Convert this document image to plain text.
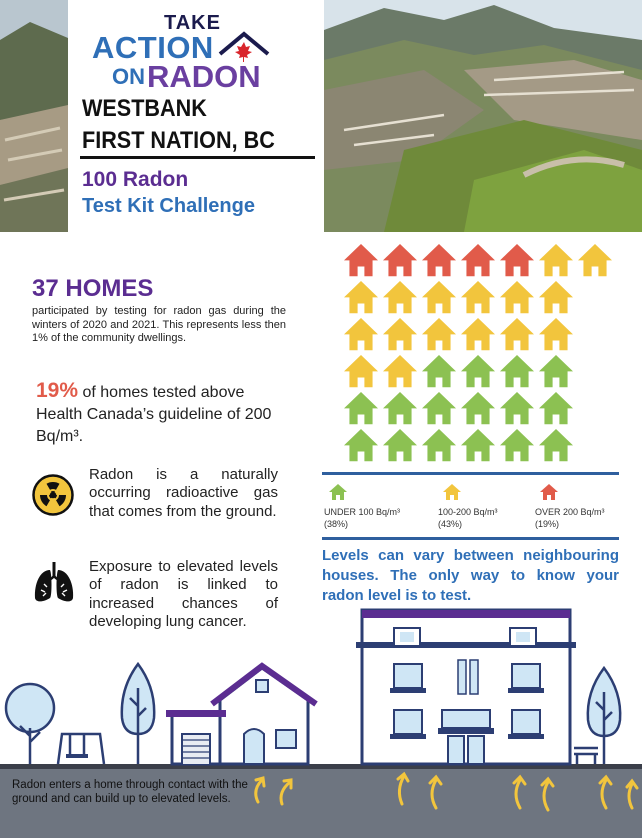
TAKE
ACTION
ON RADON
WESTBANK
FIRST NATION, BC
100 Radon
Test Kit Challenge
37 HOMES
participated by testing for radon gas during the winters of 2020 and 2021. This represents less then 1% of the community dwellings.
19% of homes tested above Health Canada’s guideline of 200 Bq/m³.
Radon is a naturally occurring radioactive gas that comes from the ground.
Exposure to elevated levels of radon is linked to increased chances of developing lung cancer.
UNDER 100 Bq/m³
(38%)
100-200 Bq/m³
(43%)
OVER 200 Bq/m³
(19%)
Levels can vary between neighbouring houses. The only way to know your radon level is to test.
Radon enters a home through contact with the ground and can build up to elevated levels.
